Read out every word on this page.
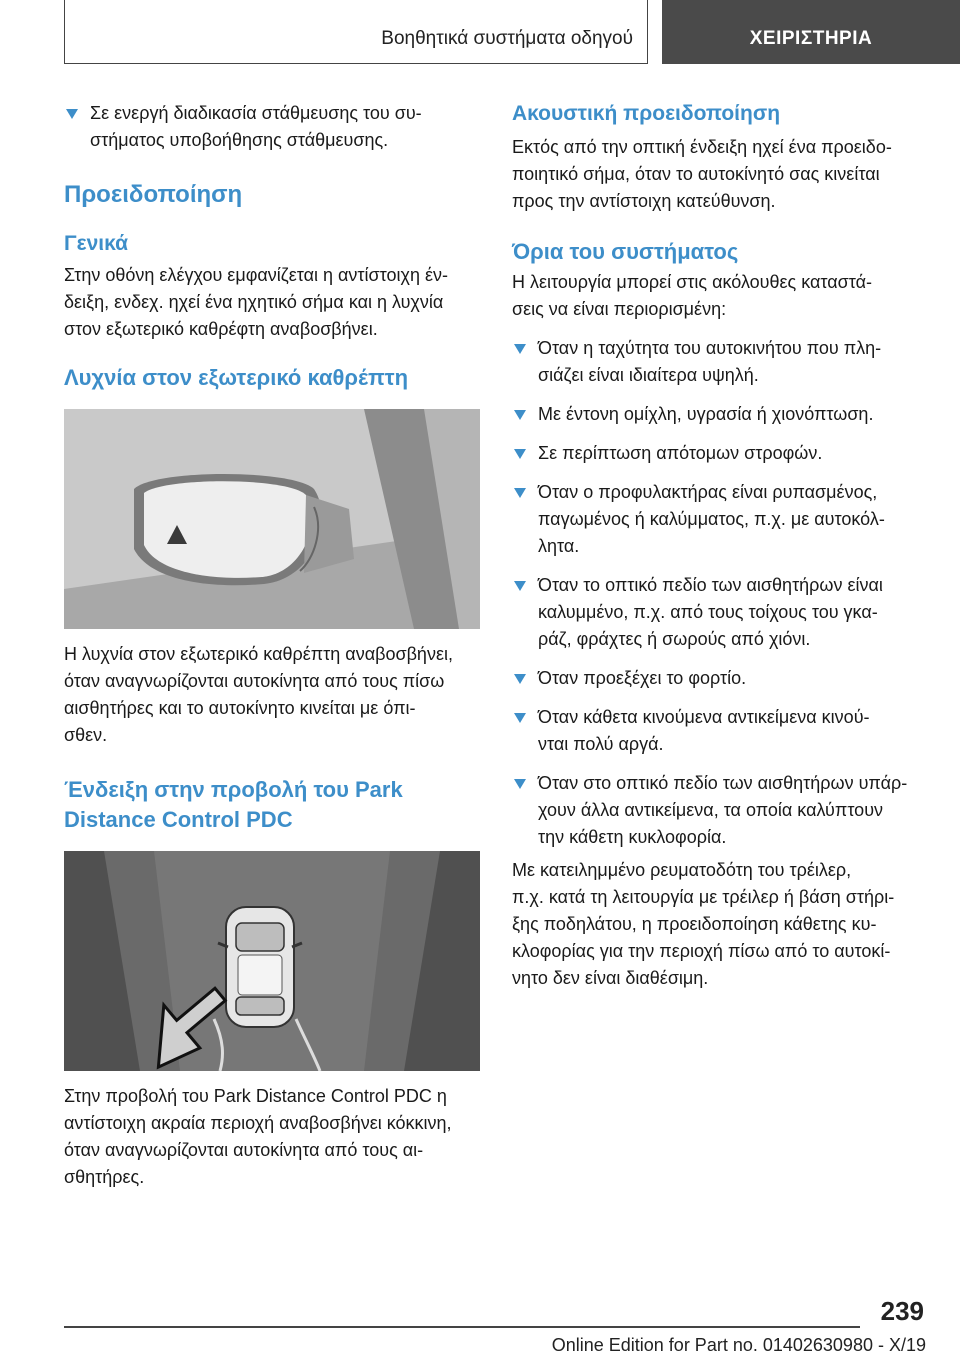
Βοηθητικά συστήματα οδηγού	ΧΕΙΡΙΣΤΗΡΙΑ

Σε ενεργή διαδικασία στάθμευσης του συ-

στήματος υποβοήθησης στάθμευσης.

Προειδοποίηση
Γενικά

Στην οθόνη ελέγχου εμφανίζεται η αντίστοιχη έν-

δειξη, ενδεχ. ηχεί ένα ηχητικό σήμα και η λυχνία

στον εξωτερικό καθρέφτη αναβοσβήνει.

Λυχνία στον εξωτερικό καθρέπτη

Η λυχνία στον εξωτερικό καθρέπτη αναβοσβήνει,

όταν αναγνωρίζονται αυτοκίνητα από τους πίσω

αισθητήρες και το αυτοκίνητο κινείται με όπι-

σθεν.

Ένδειξη στην προβολή του Park
Distance Control PDC

Στην προβολή του Park Distance Control PDC η

αντίστοιχη ακραία περιοχή αναβοσβήνει κόκκινη,

όταν αναγνωρίζονται αυτοκίνητα από τους αι-

σθητήρες.

Ακουστική προειδοποίηση

Εκτός από την οπτική ένδειξη ηχεί ένα προειδο-

ποιητικό σήμα, όταν το αυτοκίνητό σας κινείται

προς την αντίστοιχη κατεύθυνση.

Όρια του συστήματος

Η λειτουργία μπορεί στις ακόλουθες καταστά-

σεις να είναι περιορισμένη:

Όταν η ταχύτητα του αυτοκινήτου που πλη-

σιάζει είναι ιδιαίτερα υψηλή.

Με έντονη ομίχλη, υγρασία ή χιονόπτωση.

Σε περίπτωση απότομων στροφών.

Όταν ο προφυλακτήρας είναι ρυπασμένος,

παγωμένος ή καλύμματος, π.χ. με αυτοκόλ-

λητα.

Όταν το οπτικό πεδίο των αισθητήρων είναι

καλυμμένο, π.χ. από τους τοίχους του γκα-

ράζ, φράχτες ή σωρούς από χιόνι.

Όταν προεξέχει το φορτίο.

Όταν κάθετα κινούμενα αντικείμενα κινού-

νται πολύ αργά.

Όταν στο οπτικό πεδίο των αισθητήρων υπάρ-

χουν άλλα αντικείμενα, τα οποία καλύπτουν

την κάθετη κυκλοφορία.

Με κατειλημμένο ρευματοδότη του τρέιλερ,

π.χ. κατά τη λειτουργία με τρέιλερ ή βάση στήρι-

ξης ποδηλάτου, η προειδοποίηση κάθετης κυ-

κλοφορίας για την περιοχή πίσω από το αυτοκί-

νητο δεν είναι διαθέσιμη.

239
Online Edition for Part no. 01402630980 - X/19
